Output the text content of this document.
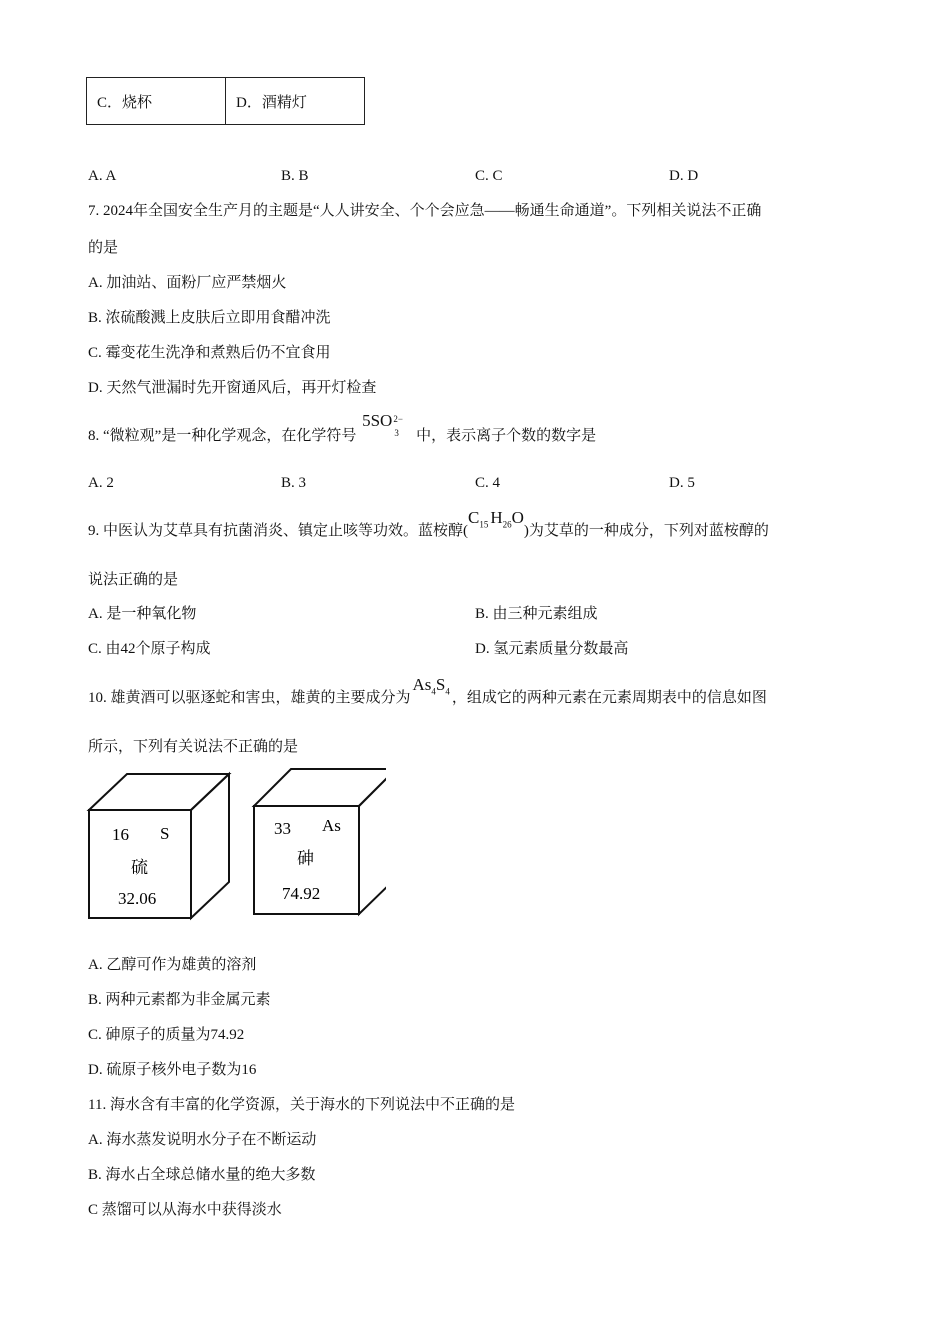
C．烧杯	D．酒精灯
A. A	B. B	C. C	D. D
7. 2024年全国安全生产月的主题是“人人讲安全、个个会应急——畅通生命通道”。下列相关说法不正确
的是
A. 加油站、面粉厂应严禁烟火
B. 浓硫酸溅上皮肤后立即用食醋冲洗
C. 霉变花生洗净和煮熟后仍不宜食用
D. 天然气泄漏时先开窗通风后，再开灯检查
8. “微粒观”是一种化学观念，在化学符号 5SO 2−
3 中，表示离子个数的数字是
A. 2	B. 3	C. 4	D. 5
9. 中医认为艾草具有抗菌消炎、镇定止咳等功效。蓝桉醇($C_{15}$ $H_{26}O$)为艾草的一种成分，下列对蓝桉醇的
说法正确的是
A. 是一种氧化物	B. 由三种元素组成
C. 由42个原子构成	D. 氢元素质量分数最高
10. 雄黄酒可以驱逐蛇和害虫，雄黄的主要成分为$As_4S_4$ ，组成它的两种元素在元素周期表中的信息如图
所示，下列有关说法不正确的是
16 S
硫
32.06
33 As
砷
74.92
A. 乙醇可作为雄黄的溶剂
B. 两种元素都为非金属元素
C. 砷原子的质量为74.92
D. 硫原子核外电子数为16
11. 海水含有丰富的化学资源，关于海水的下列说法中不正确的是
A. 海水蒸发说明水分子在不断运动
B. 海水占全球总储水量的绝大多数
C 蒸馏可以从海水中获得淡水
